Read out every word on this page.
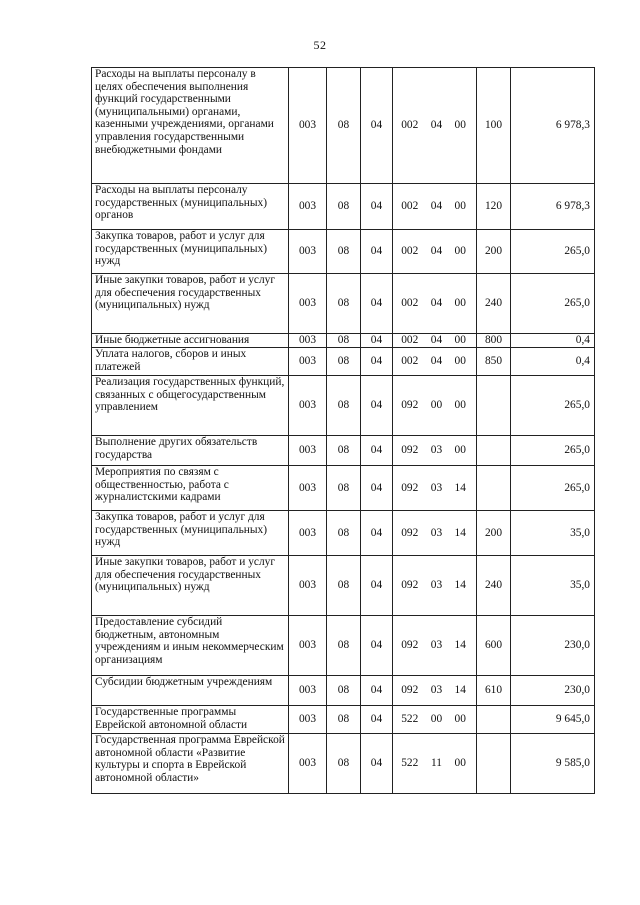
52
Расходы на выплаты персоналу в целях обеспечения выполнения функций государственными (муниципальными) органами, казенными учреждениями, органами управления государственными внебюджетными фондами	003	08	04	002	04	00	100	6 978,3
Расходы на выплаты персоналу государственных (муниципальных) органов	003	08	04	002	04	00	120	6 978,3
Закупка товаров, работ и услуг для государственных (муниципальных) нужд	003	08	04	002	04	00	200	265,0
Иные закупки товаров, работ и услуг для обеспечения государственных (муниципальных) нужд	003	08	04	002	04	00	240	265,0
Иные бюджетные ассигнования	003	08	04	002	04	00	800	0,4
Уплата налогов, сборов и иных платежей	003	08	04	002	04	00	850	0,4
Реализация государственных функций, связанных с общегосударственным управлением	003	08	04	092	00	00		265,0
Выполнение других обязательств государства	003	08	04	092	03	00		265,0
Мероприятия по связям с общественностью, работа с журналистскими кадрами	003	08	04	092	03	14		265,0
Закупка товаров, работ и услуг для государственных (муниципальных) нужд	003	08	04	092	03	14	200	35,0
Иные закупки товаров, работ и услуг для обеспечения государственных (муниципальных) нужд	003	08	04	092	03	14	240	35,0
Предоставление субсидий бюджетным, автономным учреждениям и иным некоммерческим организациям	003	08	04	092	03	14	600	230,0
Субсидии бюджетным учреждениям	003	08	04	092	03	14	610	230,0
Государственные программы Еврейской автономной области	003	08	04	522	00	00		9 645,0
Государственная программа Еврейской автономной области «Развитие культуры и спорта в Еврейской автономной области»	003	08	04	522	11	00		9 585,0
